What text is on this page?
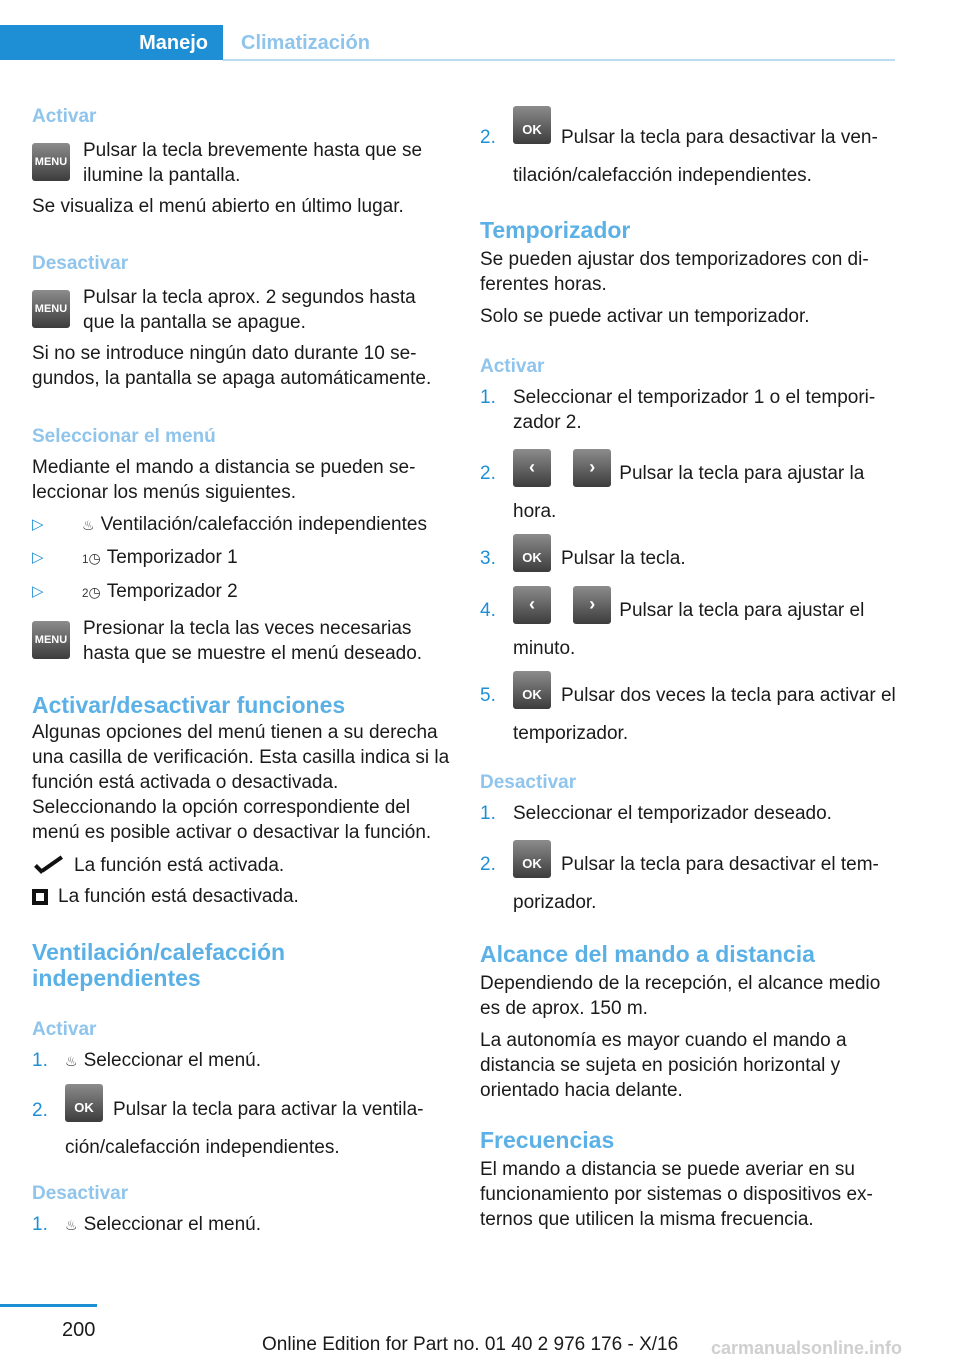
Manejo Climatización

Activar

MENU
Pulsar la tecla brevemente hasta que se ilumine la pantalla.

Se visualiza el menú abierto en último lugar.

Desactivar

MENU
Pulsar la tecla aprox. 2 segundos hasta que la pantalla se apague.

Si no se introduce ningún dato durante 10 segundos, la pantalla se apaga automáticamente.

Seleccionar el menú

Mediante el mando a distancia se pueden seleccionar los menús siguientes.

▷	♨ Ventilación/calefacción independientes
▷	1◷ Temporizador 1
▷	2◷ Temporizador 2
MENU
Presionar la tecla las veces necesarias hasta que se muestre el menú deseado.

Activar/desactivar funciones

Algunas opciones del menú tienen a su derecha una casilla de verificación. Esta casilla indica si la función está activada o desactivada. Seleccionando la opción correspondiente del menú es posible activar o desactivar la función.

La función está activada.
La función está desactivada.

Ventilación/calefacción
independientes

Activar

1.	♨ Seleccionar el menú.
2.	OK	Pulsar la tecla para activar la ventilación/calefacción independientes.

Desactivar

1.	♨ Seleccionar el menú.
2.	OK	Pulsar la tecla para desactivar la ventilación/calefacción independientes.

Temporizador

Se pueden ajustar dos temporizadores con diferentes horas.

Solo se puede activar un temporizador.

Activar

1. Seleccionar el temporizador 1 o el temporizador 2.
2.	‹
	›	Pulsar la tecla para ajustar la hora.
3.	OK	Pulsar la tecla.
4.	‹
	›	Pulsar la tecla para ajustar el minuto.
5.	OK	Pulsar dos veces la tecla para activar el temporizador.

Desactivar

1. Seleccionar el temporizador deseado.
2.	OK	Pulsar la tecla para desactivar el temporizador.

Alcance del mando a distancia

Dependiendo de la recepción, el alcance medio es de aprox. 150 m.

La autonomía es mayor cuando el mando a distancia se sujeta en posición horizontal y orientado hacia delante.

Frecuencias

El mando a distancia se puede averiar en su funcionamiento por sistemas o dispositivos externos que utilicen la misma frecuencia.

200
Online Edition for Part no. 01 40 2 976 176 - X/16 carmanualsonline.info
